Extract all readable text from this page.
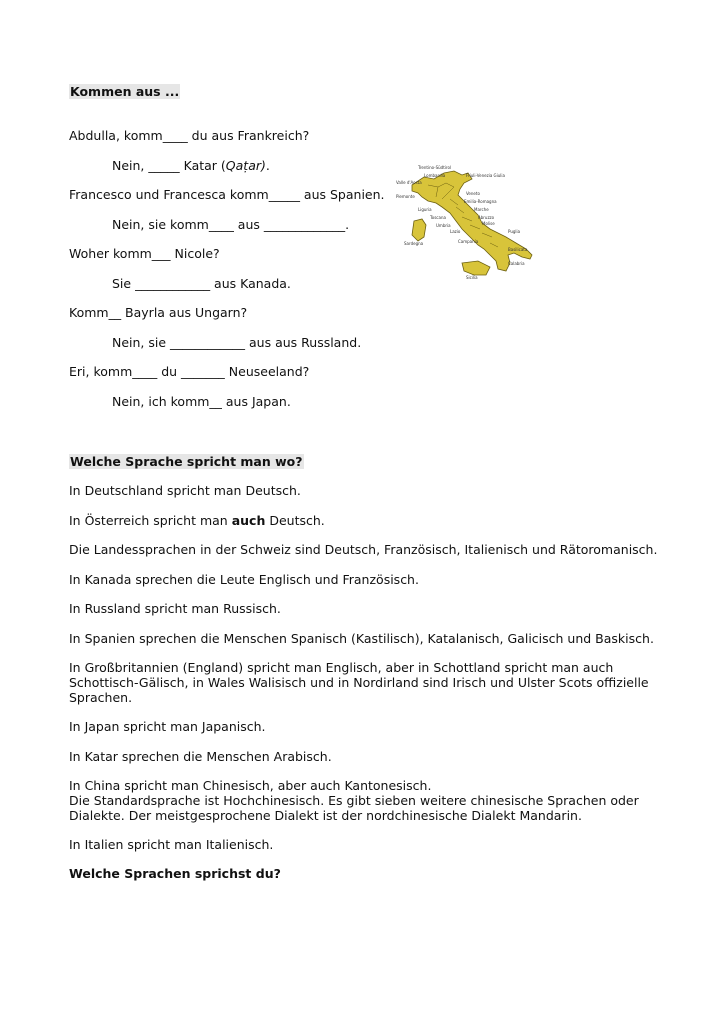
Kommen aus ...
Abdulla, komm____ du aus Frankreich?
Nein, _____ Katar (Qaṭar).
Francesco und Francesca komm_____ aus Spanien.
Nein, sie komm____ aus _____________.
Woher komm___ Nicole?
Sie ____________ aus Kanada.
Komm__ Bayrla aus Ungarn?
Nein, sie ____________ aus aus Russland.
Eri, komm____ du _______ Neuseeland?
Nein, ich komm__ aus Japan.
Trentino-Südtirol
Friuli-Venezia Giulia
Lombardia
Valle d'Aosta
Veneto
Piemonte
Emilia-Romagna
Liguria	Marche
Toscana
Umbria
Abruzzo
Lazio
Molise
Puglia
Campania
Sardegna
Basilicata
Calabria
Sicilia
Welche Sprache spricht man wo?
In Deutschland spricht man Deutsch.
In Österreich spricht man auch Deutsch.
Die Landessprachen in der Schweiz sind Deutsch, Französisch, Italienisch und Rätoromanisch.
In Kanada sprechen die Leute Englisch und Französisch.
In Russland spricht man Russisch.
In Spanien sprechen die Menschen Spanisch (Kastilisch), Katalanisch, Galicisch und Baskisch.
In Großbritannien (England) spricht man Englisch, aber in Schottland spricht man auch Schottisch-Gälisch, in Wales Walisisch und in Nordirland sind Irisch und Ulster Scots offizielle Sprachen.
In Japan spricht man Japanisch.
In Katar sprechen die Menschen Arabisch.
In China spricht man Chinesisch, aber auch Kantonesisch.
Die Standardsprache ist Hochchinesisch. Es gibt sieben weitere chinesische Sprachen oder Dialekte. Der meistgesprochene Dialekt ist der nordchinesische Dialekt Mandarin.
In Italien spricht man Italienisch.
Welche Sprachen sprichst du?
